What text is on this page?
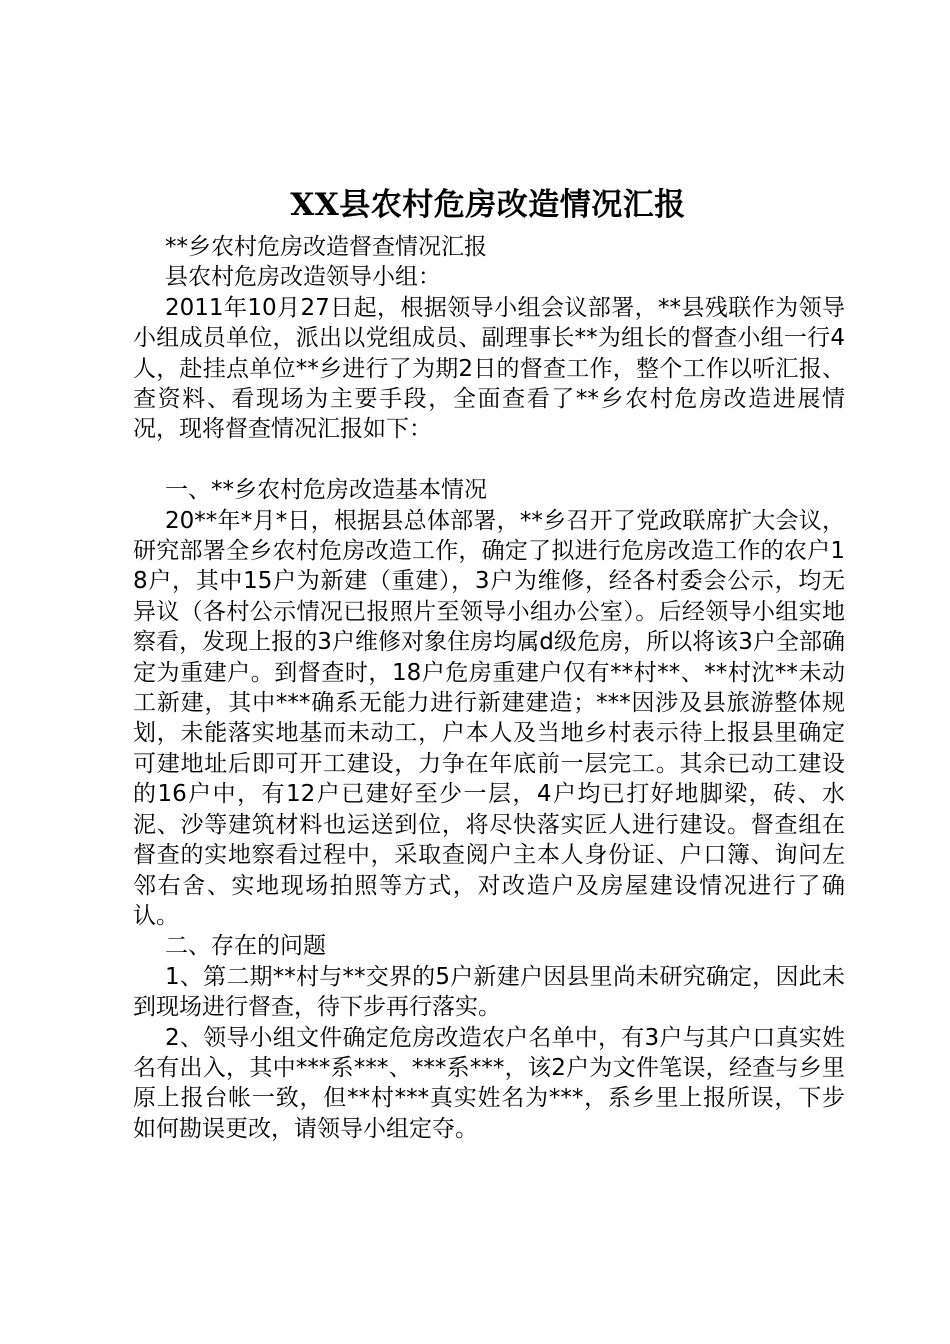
XX县农村危房改造情况汇报

**乡农村危房改造督查情况汇报

县农村危房改造领导小组：

2011年10月27日起，根据领导小组会议部署，**县残联作为领导小组成员单位，派出以党组成员、副理事长**为组长的督查小组一行4人，赴挂点单位**乡进行了为期2日的督查工作，整个工作以听汇报、查资料、看现场为主要手段，全面查看了**乡农村危房改造进展情况，现将督查情况汇报如下：

一、**乡农村危房改造基本情况

20**年*月*日，根据县总体部署，**乡召开了党政联席扩大会议，研究部署全乡农村危房改造工作，确定了拟进行危房改造工作的农户18户，其中15户为新建（重建），3户为维修，经各村委会公示，均无异议（各村公示情况已报照片至领导小组办公室）。后经领导小组实地察看，发现上报的3户维修对象住房均属d级危房，所以将该3户全部确定为重建户。到督查时，18户危房重建户仅有**村**、**村沈**未动工新建，其中***确系无能力进行新建建造；***因涉及县旅游整体规划，未能落实地基而未动工，户本人及当地乡村表示待上报县里确定可建地址后即可开工建设，力争在年底前一层完工。其余已动工建设的16户中，有12户已建好至少一层，4户均已打好地脚梁，砖、水泥、沙等建筑材料也运送到位，将尽快落实匠人进行建设。督查组在督查的实地察看过程中，采取查阅户主本人身份证、户口簿、询问左邻右舍、实地现场拍照等方式，对改造户及房屋建设情况进行了确认。

二、存在的问题

1、第二期**村与**交界的5户新建户因县里尚未研究确定，因此未到现场进行督查，待下步再行落实。

2、领导小组文件确定危房改造农户名单中，有3户与其户口真实姓名有出入，其中***系***、***系***，该2户为文件笔误，经查与乡里原上报台帐一致，但**村***真实姓名为***，系乡里上报所误，下步如何勘误更改，请领导小组定夺。
